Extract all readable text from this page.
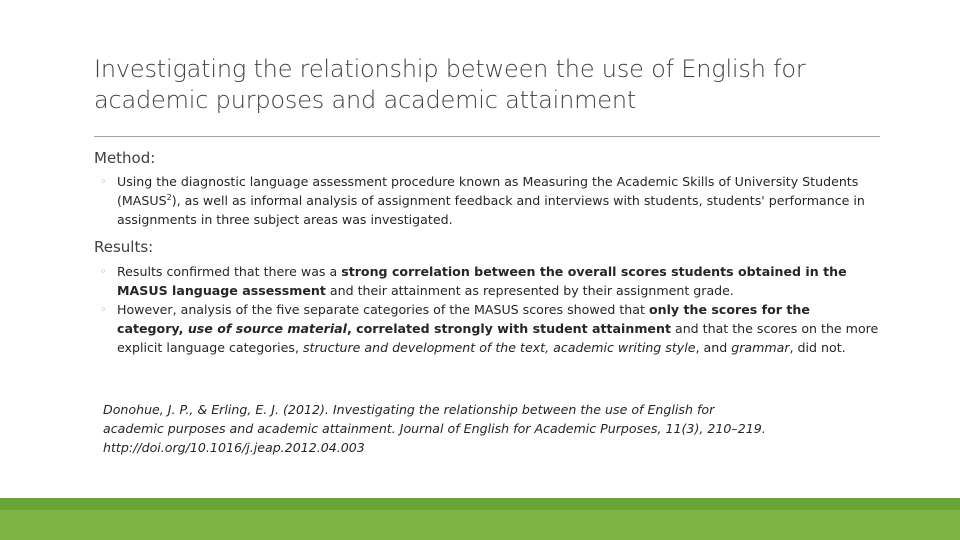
Investigating the relationship between the use of English for
academic purposes and academic attainment
Method:
◦ Using the diagnostic language assessment procedure known as Measuring the Academic Skills of University Students (MASUS$^2$), as well as informal analysis of assignment feedback and interviews with students, students' performance in assignments in three subject areas was investigated.
Results:
◦ Results confirmed that there was a strong correlation between the overall scores students obtained in the MASUS language assessment and their attainment as represented by their assignment grade.
◦ However, analysis of the five separate categories of the MASUS scores showed that only the scores for the category, use of source material, correlated strongly with student attainment and that the scores on the more explicit language categories, structure and development of the text, academic writing style, and grammar, did not.
Donohue, J. P., & Erling, E. J. (2012). Investigating the relationship between the use of English for
academic purposes and academic attainment. Journal of English for Academic Purposes, 11(3), 210–219.
http://doi.org/10.1016/j.jeap.2012.04.003
